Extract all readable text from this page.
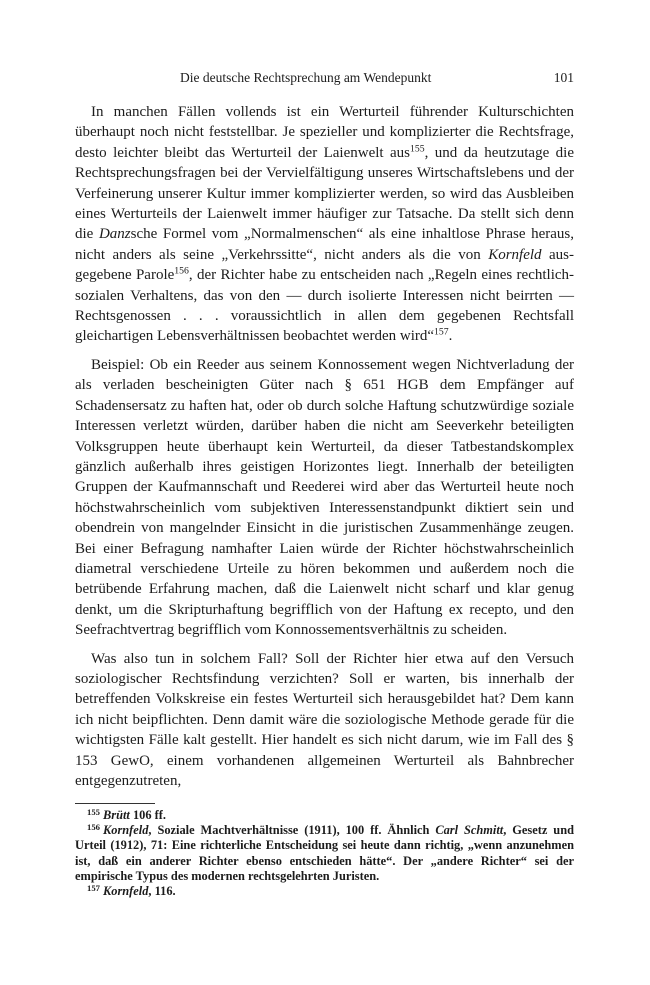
Die deutsche Rechtsprechung am Wendepunkt	101

In manchen Fällen vollends ist ein Werturteil führender Kulturschichten überhaupt noch nicht feststellbar. Je spezieller und komplizierter die Rechtsfrage, desto leichter bleibt das Werturteil der Laienwelt aus$^{155}$, und da heutzutage die Rechtsprechungsfragen bei der Vervielfältigung unseres Wirtschaftslebens und der Verfeinerung unserer Kultur immer komplizierter werden, so wird das Ausbleiben eines Werturteils der Laienwelt immer häufiger zur Tatsache. Da stellt sich denn die Danzsche Formel vom „Normalmenschen“ als eine inhaltlose Phrase heraus, nicht anders als seine „Verkehrssitte“, nicht anders als die von Kornfeld ausgegebene Parole$^{156}$, der Richter habe zu entscheiden nach „Regeln eines rechtlich-sozialen Verhaltens, das von den — durch isolierte Interessen nicht beirrten — Rechtsgenossen . . . voraussichtlich in allen dem gegebenen Rechtsfall gleichartigen Lebensverhältnissen beobachtet werden wird“$^{157}$.

Beispiel: Ob ein Reeder aus seinem Konnossement wegen Nichtverladung der als verladen bescheinigten Güter nach § 651 HGB dem Empfänger auf Schadensersatz zu haften hat, oder ob durch solche Haftung schutzwürdige soziale Interessen verletzt würden, darüber haben die nicht am Seeverkehr beteiligten Volksgruppen heute überhaupt kein Werturteil, da dieser Tatbestandskomplex gänzlich außerhalb ihres geistigen Horizontes liegt. Innerhalb der beteiligten Gruppen der Kaufmannschaft und Reederei wird aber das Werturteil heute noch höchstwahrscheinlich vom subjektiven Interessenstandpunkt diktiert sein und obendrein von mangelnder Einsicht in die juristischen Zusammenhänge zeugen. Bei einer Befragung namhafter Laien würde der Richter höchstwahrscheinlich diametral verschiedene Urteile zu hören bekommen und außerdem noch die betrübende Erfahrung machen, daß die Laienwelt nicht scharf und klar genug denkt, um die Skripturhaftung begrifflich von der Haftung ex recepto, und den Seefrachtvertrag begrifflich vom Konnossementsverhältnis zu scheiden.

Was also tun in solchem Fall? Soll der Richter hier etwa auf den Versuch soziologischer Rechtsfindung verzichten? Soll er warten, bis innerhalb der betreffenden Volkskreise ein festes Werturteil sich herausgebildet hat? Dem kann ich nicht beipflichten. Denn damit wäre die soziologische Methode gerade für die wichtigsten Fälle kalt gestellt. Hier handelt es sich nicht darum, wie im Fall des § 153 GewO, einem vorhandenen allgemeinen Werturteil als Bahnbrecher entgegenzutreten,

$^{155}$ Brütt 106 ff.

$^{156}$ Kornfeld, Soziale Machtverhältnisse (1911), 100 ff. Ähnlich Carl Schmitt, Gesetz und Urteil (1912), 71: Eine richterliche Entscheidung sei heute dann richtig, „wenn anzunehmen ist, daß ein anderer Richter ebenso entschieden hätte“. Der „andere Richter“ sei der empirische Typus des modernen rechtsgelehrten Juristen.

$^{157}$ Kornfeld, 116.
